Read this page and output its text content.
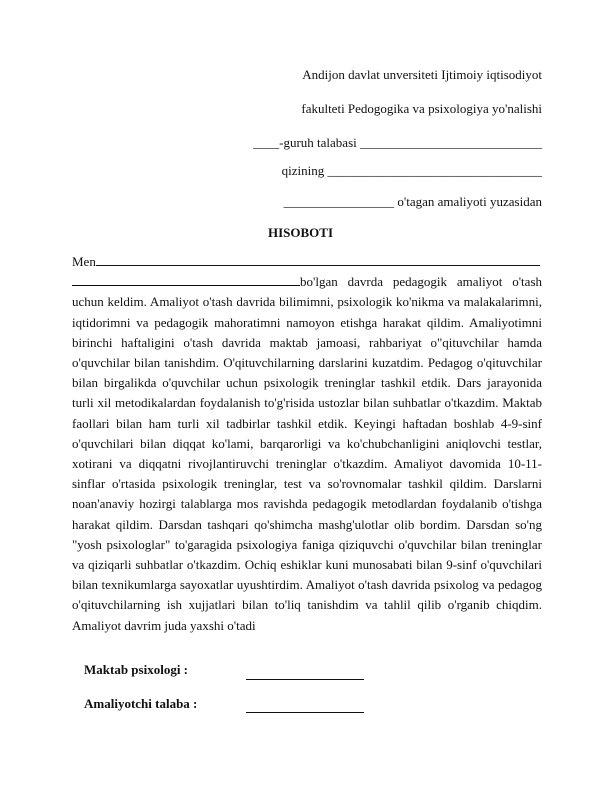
Andijon davlat unversiteti Ijtimoiy iqtisodiyot
fakulteti Pedogogika va psixologiya yo'nalishi
____-guruh talabasi ____________________________
qizining _________________________________
_________________ o'tagan amaliyoti yuzasidan
HISOBOTI

Men
bo'lgan davrda pedagogik amaliyot o'tash uchun keldim. Amaliyot o'tash davrida bilimimni, psixologik ko'nikma va malakalarimni, iqtidorimni va pedagogik mahoratimni namoyon etishga harakat qildim. Amaliyotimni birinchi haftaligini o'tash davrida maktab jamoasi, rahbariyat o"qituvchilar hamda o'quvchilar bilan tanishdim. O'qituvchilarning darslarini kuzatdim. Pedagog o'qituvchilar bilan birgalikda o'quvchilar uchun psixologik treninglar tashkil etdik. Dars jarayonida turli xil metodikalardan foydalanish to'g'risida ustozlar bilan suhbatlar o'tkazdim. Maktab faollari bilan ham turli xil tadbirlar tashkil etdik. Keyingi haftadan boshlab 4-9-sinf o'quvchilari bilan diqqat ko'lami, barqarorligi va ko'chubchanligini aniqlovchi testlar, xotirani va diqqatni rivojlantiruvchi treninglar o'tkazdim. Amaliyot davomida 10-11-sinflar o'rtasida psixologik treninglar, test va so'rovnomalar tashkil qildim. Darslarni noan'anaviy hozirgi talablarga mos ravishda pedagogik metodlardan foydalanib o'tishga harakat qildim. Darsdan tashqari qo'shimcha mashg'ulotlar olib bordim. Darsdan so'ng "yosh psixologlar" to'garagida psixologiya faniga qiziquvchi o'quvchilar bilan treninglar va qiziqarli suhbatlar o'tkazdim. Ochiq eshiklar kuni munosabati bilan 9-sinf o'quvchilari bilan texnikumlarga sayoxatlar uyushtirdim. Amaliyot o'tash davrida psixolog va pedagog o'qituvchilarning ish xujjatlari bilan to'liq tanishdim va tahlil qilib o'rganib chiqdim. Amaliyot davrim juda yaxshi o'tadi

Maktab psixologi :
Amaliyotchi talaba :
